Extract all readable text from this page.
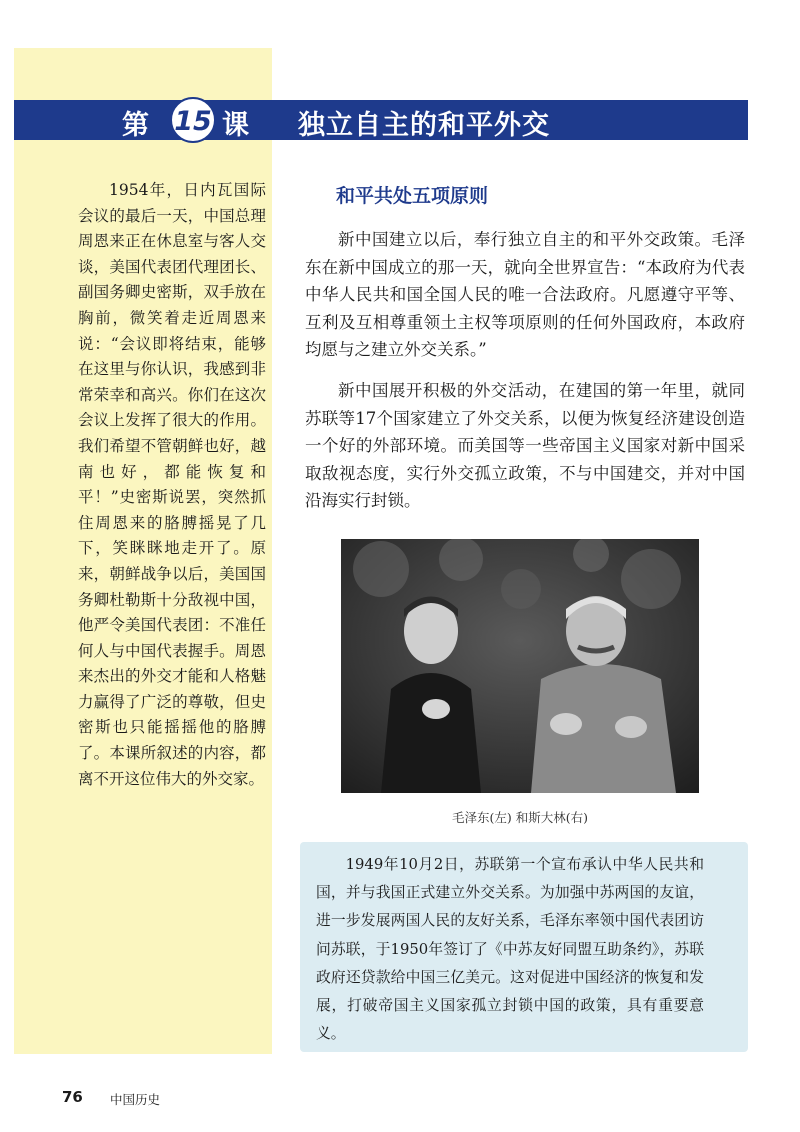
第 15 课 独立自主的和平外交

1954年，日内瓦国际会议的最后一天，中国总理周恩来正在休息室与客人交谈，美国代表团代理团长、副国务卿史密斯，双手放在胸前，微笑着走近周恩来说：“会议即将结束，能够在这里与你认识，我感到非常荣幸和高兴。你们在这次会议上发挥了很大的作用。我们希望不管朝鲜也好，越南也好，都能恢复和平！”史密斯说罢，突然抓住周恩来的胳膊摇晃了几下，笑眯眯地走开了。原来，朝鲜战争以后，美国国务卿杜勒斯十分敌视中国，他严令美国代表团：不准任何人与中国代表握手。周恩来杰出的外交才能和人格魅力赢得了广泛的尊敬，但史密斯也只能摇摇他的胳膊了。本课所叙述的内容，都离不开这位伟大的外交家。

和平共处五项原则

新中国建立以后，奉行独立自主的和平外交政策。毛泽东在新中国成立的那一天，就向全世界宣告：“本政府为代表中华人民共和国全国人民的唯一合法政府。凡愿遵守平等、互利及互相尊重领土主权等项原则的任何外国政府，本政府均愿与之建立外交关系。”

新中国展开积极的外交活动，在建国的第一年里，就同苏联等17个国家建立了外交关系，以便为恢复经济建设创造一个好的外部环境。而美国等一些帝国主义国家对新中国采取敌视态度，实行外交孤立政策，不与中国建交，并对中国沿海实行封锁。

毛泽东(左) 和斯大林(右)

1949年10月2日，苏联第一个宣布承认中华人民共和国，并与我国正式建立外交关系。为加强中苏两国的友谊，进一步发展两国人民的友好关系，毛泽东率领中国代表团访问苏联，于1950年签订了《中苏友好同盟互助条约》，苏联政府还贷款给中国三亿美元。这对促进中国经济的恢复和发展，打破帝国主义国家孤立封锁中国的政策，具有重要意义。

76 中国历史
